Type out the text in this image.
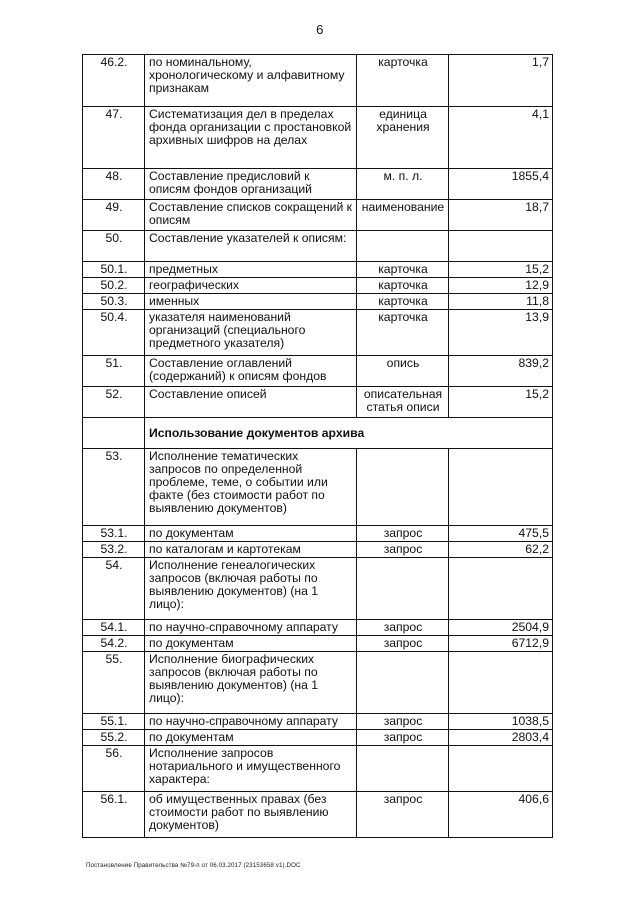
6
46.2.	по номинальному, хронологическому и алфавитному признакам	карточка	1,7
47.	Систематизация дел в пределах фонда организации с простановкой архивных шифров на делах	единица хранения	4,1
48.	Составление предисловий к описям фондов организаций	м. п. л.	1855,4
49.	Составление списков сокращений к описям	наименование	18,7
50.	Составление указателей к описям:		
50.1.	предметных	карточка	15,2
50.2.	географических	карточка	12,9
50.3.	именных	карточка	11,8
50.4.	указателя наименований организаций (специального предметного указателя)	карточка	13,9
51.	Составление оглавлений (содержаний) к описям фондов	опись	839,2
52.	Составление описей	описательная статья описи	15,2
	Использование документов архива		
53.	Исполнение тематических запросов по определенной проблеме, теме, о событии или факте (без стоимости работ по выявлению документов)		
53.1.	по документам	запрос	475,5
53.2.	по каталогам и картотекам	запрос	62,2
54.	Исполнение генеалогических запросов (включая работы по выявлению документов) (на 1 лицо):		
54.1.	по научно-справочному аппарату	запрос	2504,9
54.2.	по документам	запрос	6712,9
55.	Исполнение биографических запросов (включая работы по выявлению документов) (на 1 лицо):		
55.1.	по научно-справочному аппарату	запрос	1038,5
55.2.	по документам	запрос	2803,4
56.	Исполнение запросов нотариального и имущественного характера:		
56.1.	об имущественных правах (без стоимости работ по выявлению документов)	запрос	406,6
Постановление Правительства №79-п от 06.03.2017 (23153658 v1).DOC
